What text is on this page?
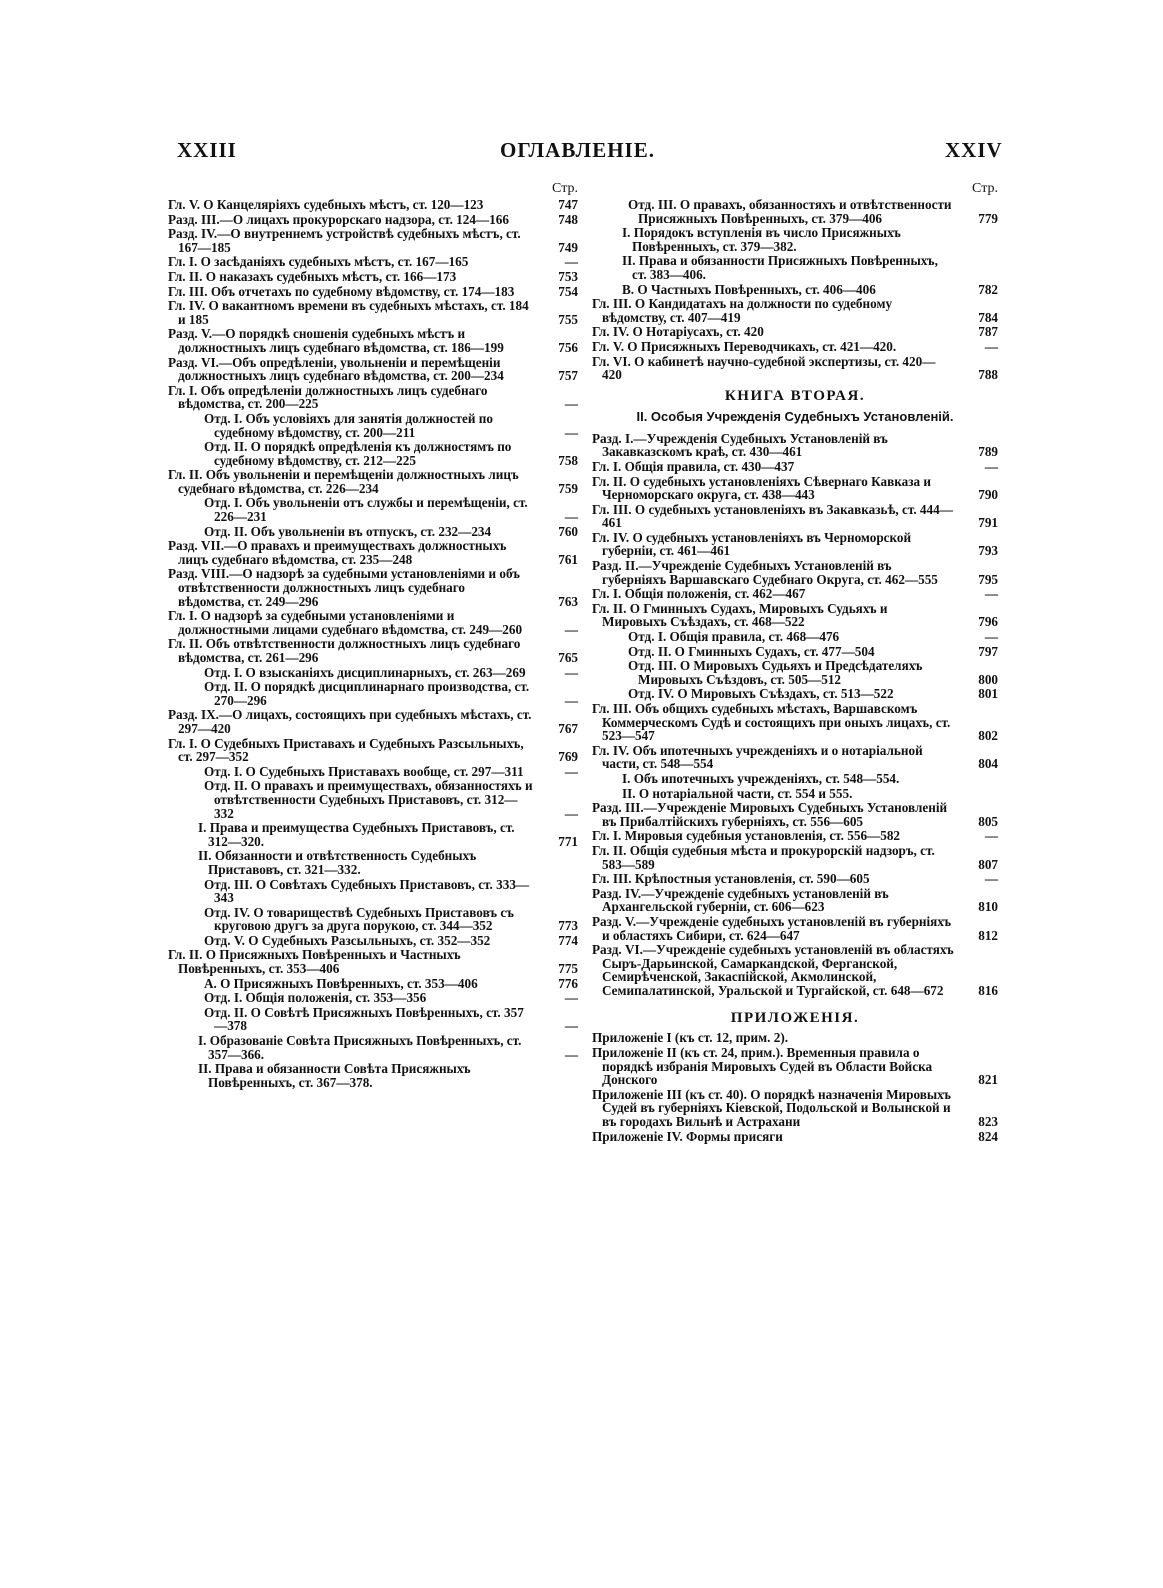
XXIII	ОГЛАВЛЕНІЕ.	XXIV
Стр.
Гл. V. О Канцеляріяхъ судебныхъ мѣстъ, ст. 120—123	747
Разд. III.—О лицахъ прокурорскаго надзора, ст. 124—166	748
Разд. IV.—О внутреннемъ устройствѣ судебныхъ мѣстъ, ст. 167—185	749
Гл. I. О засѣданіяхъ судебныхъ мѣстъ, ст. 167—165	—
Гл. II. О наказахъ судебныхъ мѣстъ, ст. 166—173	753
Гл. III. Объ отчетахъ по судебному вѣдомству, ст. 174—183	754
Гл. IV. О вакантномъ времени въ судебныхъ мѣстахъ, ст. 184 и 185	755
Разд. V.—О порядкѣ сношенія судебныхъ мѣстъ и должностныхъ лицъ судебнаго вѣдомства, ст. 186—199	756
Разд. VI.—Объ опредѣленіи, увольненіи и перемѣщеніи должностныхъ лицъ судебнаго вѣдомства, ст. 200—234	757
Гл. I. Объ опредѣленіи должностныхъ лицъ судебнаго вѣдомства, ст. 200—225	—
Отд. I. Объ условіяхъ для занятія должностей по судебному вѣдомству, ст. 200—211	—
Отд. II. О порядкѣ опредѣленія къ должностямъ по судебному вѣдомству, ст. 212—225	758
Гл. II. Объ увольненіи и перемѣщеніи должностныхъ лицъ судебнаго вѣдомства, ст. 226—234	759
Отд. I. Объ увольненіи отъ службы и перемѣщеніи, ст. 226—231	—
Отд. II. Объ увольненіи въ отпускъ, ст. 232—234	760
Разд. VII.—О правахъ и преимуществахъ должностныхъ лицъ судебнаго вѣдомства, ст. 235—248	761
Разд. VIII.—О надзорѣ за судебными установленіями и объ отвѣтственности должностныхъ лицъ судебнаго вѣдомства, ст. 249—296	763
Гл. I. О надзорѣ за судебными установленіями и должностными лицами судебнаго вѣдомства, ст. 249—260	—
Гл. II. Объ отвѣтственности должностныхъ лицъ судебнаго вѣдомства, ст. 261—296	765
Отд. I. О взысканіяхъ дисциплинарныхъ, ст. 263—269	—
Отд. II. О порядкѣ дисциплинарнаго производства, ст. 270—296	—
Разд. IX.—О лицахъ, состоящихъ при судебныхъ мѣстахъ, ст. 297—420	767
Гл. I. О Судебныхъ Приставахъ и Судебныхъ Разсыльныхъ, ст. 297—352	769
Отд. I. О Судебныхъ Приставахъ вообще, ст. 297—311	—
Отд. II. О правахъ и преимуществахъ, обязанностяхъ и отвѣтственности Судебныхъ Приставовъ, ст. 312—332	—
I. Права и преимущества Судебныхъ Приставовъ, ст. 312—320.	771
II. Обязанности и отвѣтственность Судебныхъ Приставовъ, ст. 321—332.
Отд. III. О Совѣтахъ Судебныхъ Приставовъ, ст. 333—343
Отд. IV. О товариществѣ Судебныхъ Приставовъ съ круговою другъ за друга порукою, ст. 344—352	773
Отд. V. О Судебныхъ Разсыльныхъ, ст. 352—352	774
Гл. II. О Присяжныхъ Повѣренныхъ и Частныхъ Повѣренныхъ, ст. 353—406	775
А. О Присяжныхъ Повѣренныхъ, ст. 353—406	776
Отд. I. Общія положенія, ст. 353—356	—
Отд. II. О Совѣтѣ Присяжныхъ Повѣренныхъ, ст. 357—378	—
I. Образованіе Совѣта Присяжныхъ Повѣренныхъ, ст. 357—366.	—
II. Права и обязанности Совѣта Присяжныхъ Повѣренныхъ, ст. 367—378.
Стр.
Отд. III. О правахъ, обязанностяхъ и отвѣтственности Присяжныхъ Повѣренныхъ, ст. 379—406	779
I. Порядокъ вступленія въ число Присяжныхъ Повѣренныхъ, ст. 379—382.
II. Права и обязанности Присяжныхъ Повѣренныхъ, ст. 383—406.
B. О Частныхъ Повѣренныхъ, ст. 406—406	782
Гл. III. О Кандидатахъ на должности по судебному вѣдомству, ст. 407—419	784
Гл. IV. О Нотаріусахъ, ст. 420	787
Гл. V. О Присяжныхъ Переводчикахъ, ст. 421—420.	—
Гл. VI. О кабинетѣ научно-судебной экспертизы, ст. 420—420	788
КНИГА ВТОРАЯ.
II. Особыя Учрежденія Судебныхъ Установленій.
Разд. I.—Учрежденія Судебныхъ Установленій въ Закавказскомъ краѣ, ст. 430—461	789
Гл. I. Общія правила, ст. 430—437	—
Гл. II. О судебныхъ установленіяхъ Сѣвернаго Кавказа и Черноморскаго округа, ст. 438—443	790
Гл. III. О судебныхъ установленіяхъ въ Закавказьѣ, ст. 444—461	791
Гл. IV. О судебныхъ установленіяхъ въ Черноморской губерніи, ст. 461—461	793
Разд. II.—Учрежденіе Судебныхъ Установленій въ губерніяхъ Варшавскаго Судебнаго Округа, ст. 462—555	795
Гл. I. Общія положенія, ст. 462—467	—
Гл. II. О Гминныхъ Судахъ, Мировыхъ Судьяхъ и Мировыхъ Съѣздахъ, ст. 468—522	796
Отд. I. Общія правила, ст. 468—476	—
Отд. II. О Гминныхъ Судахъ, ст. 477—504	797
Отд. III. О Мировыхъ Судьяхъ и Предсѣдателяхъ Мировыхъ Съѣздовъ, ст. 505—512	800
Отд. IV. О Мировыхъ Съѣздахъ, ст. 513—522	801
Гл. III. Объ общихъ судебныхъ мѣстахъ, Варшавскомъ Коммерческомъ Судѣ и состоящихъ при оныхъ лицахъ, ст. 523—547	802
Гл. IV. Объ ипотечныхъ учрежденіяхъ и о нотаріальной части, ст. 548—554	804
I. Объ ипотечныхъ учрежденіяхъ, ст. 548—554.
II. О нотаріальной части, ст. 554 и 555.
Разд. III.—Учрежденіе Мировыхъ Судебныхъ Установленій въ Прибалтійскихъ губерніяхъ, ст. 556—605	805
Гл. I. Мировыя судебныя установленія, ст. 556—582	—
Гл. II. Общія судебныя мѣста и прокурорскій надзоръ, ст. 583—589	807
Гл. III. Крѣпостныя установленія, ст. 590—605	—
Разд. IV.—Учрежденіе судебныхъ установленій въ Архангельской губерніи, ст. 606—623	810
Разд. V.—Учрежденіе судебныхъ установленій въ губерніяхъ и областяхъ Сибири, ст. 624—647	812
Разд. VI.—Учрежденіе судебныхъ установленій въ областяхъ Сыръ-Дарьинской, Самаркандской, Ферганской, Семирѣченской, Закаспійской, Акмолинской, Семипалатинской, Уральской и Тургайской, ст. 648—672	816
ПРИЛОЖЕНІЯ.
Приложеніе I (къ ст. 12, прим. 2).
Приложеніе II (къ ст. 24, прим.). Временныя правила о порядкѣ избранія Мировыхъ Судей въ Области Войска Донского	821
Приложеніе III (къ ст. 40). О порядкѣ назначенія Мировыхъ Судей въ губерніяхъ Кіевской, Подольской и Волынской и въ городахъ Вильнѣ и Астрахани	823
Приложеніе IV. Формы присяги	824
